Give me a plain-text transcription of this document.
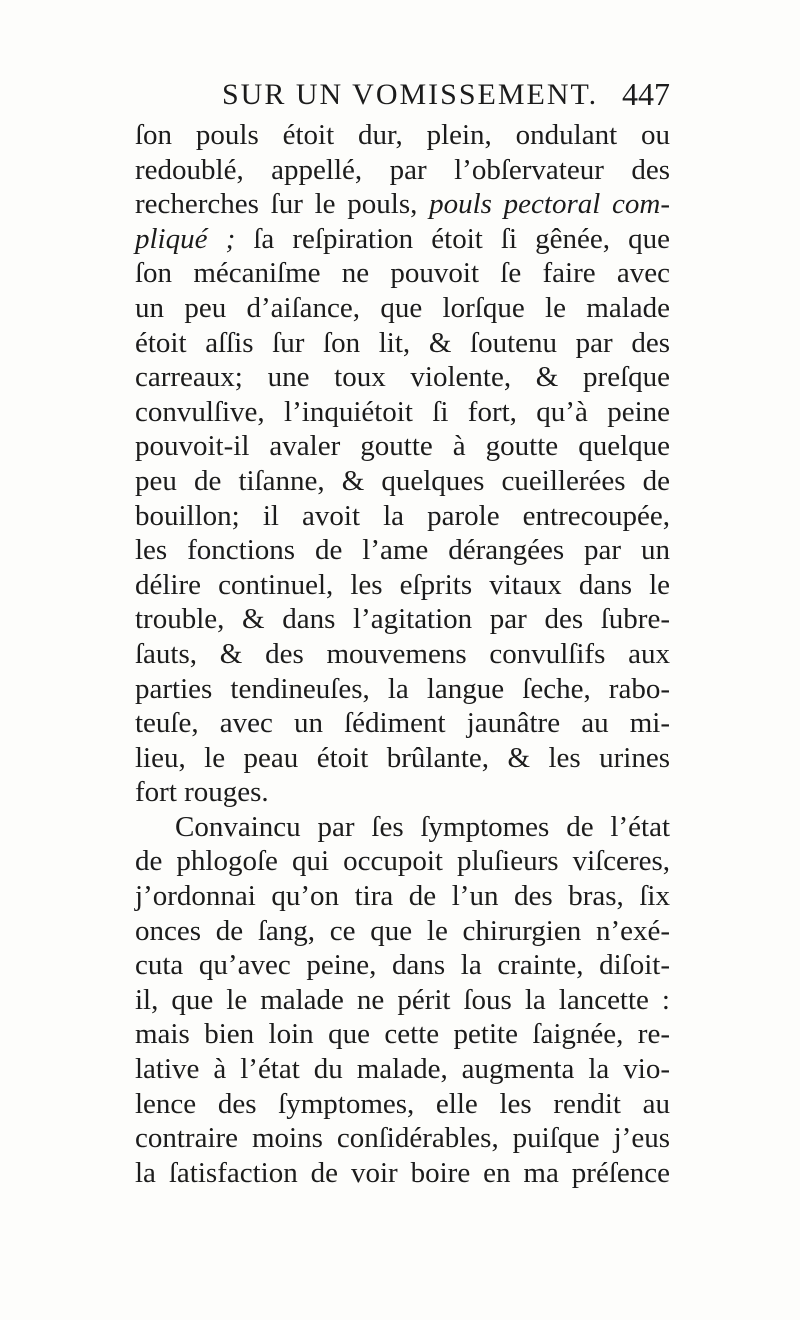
SUR UN VOMISSEMENT. 447
ſon pouls étoit dur, plein, ondulant ou
redoublé, appellé, par l’obſervateur des
recherches ſur le pouls, pouls pectoral com-
pliqué ; ſa reſpiration étoit ſi gênée, que
ſon mécaniſme ne pouvoit ſe faire avec
un peu d’aiſance, que lorſque le malade
étoit aſſis ſur ſon lit, & ſoutenu par des
carreaux; une toux violente, & preſque
convulſive, l’inquiétoit ſi fort, qu’à peine
pouvoit-il avaler goutte à goutte quelque
peu de tiſanne, & quelques cueillerées de
bouillon; il avoit la parole entrecoupée,
les fonctions de l’ame dérangées par un
délire continuel, les eſprits vitaux dans le
trouble, & dans l’agitation par des ſubre-
ſauts, & des mouvemens convulſifs aux
parties tendineuſes, la langue ſeche, rabo-
teuſe, avec un ſédiment jaunâtre au mi-
lieu, le peau étoit brûlante, & les urines
fort rouges.
Convaincu par ſes ſymptomes de l’état
de phlogoſe qui occupoit pluſieurs viſceres,
j’ordonnai qu’on tira de l’un des bras, ſix
onces de ſang, ce que le chirurgien n’exé-
cuta qu’avec peine, dans la crainte, diſoit-
il, que le malade ne périt ſous la lancette :
mais bien loin que cette petite ſaignée, re-
lative à l’état du malade, augmenta la vio-
lence des ſymptomes, elle les rendit au
contraire moins conſidérables, puiſque j’eus
la ſatisfaction de voir boire en ma préſence
